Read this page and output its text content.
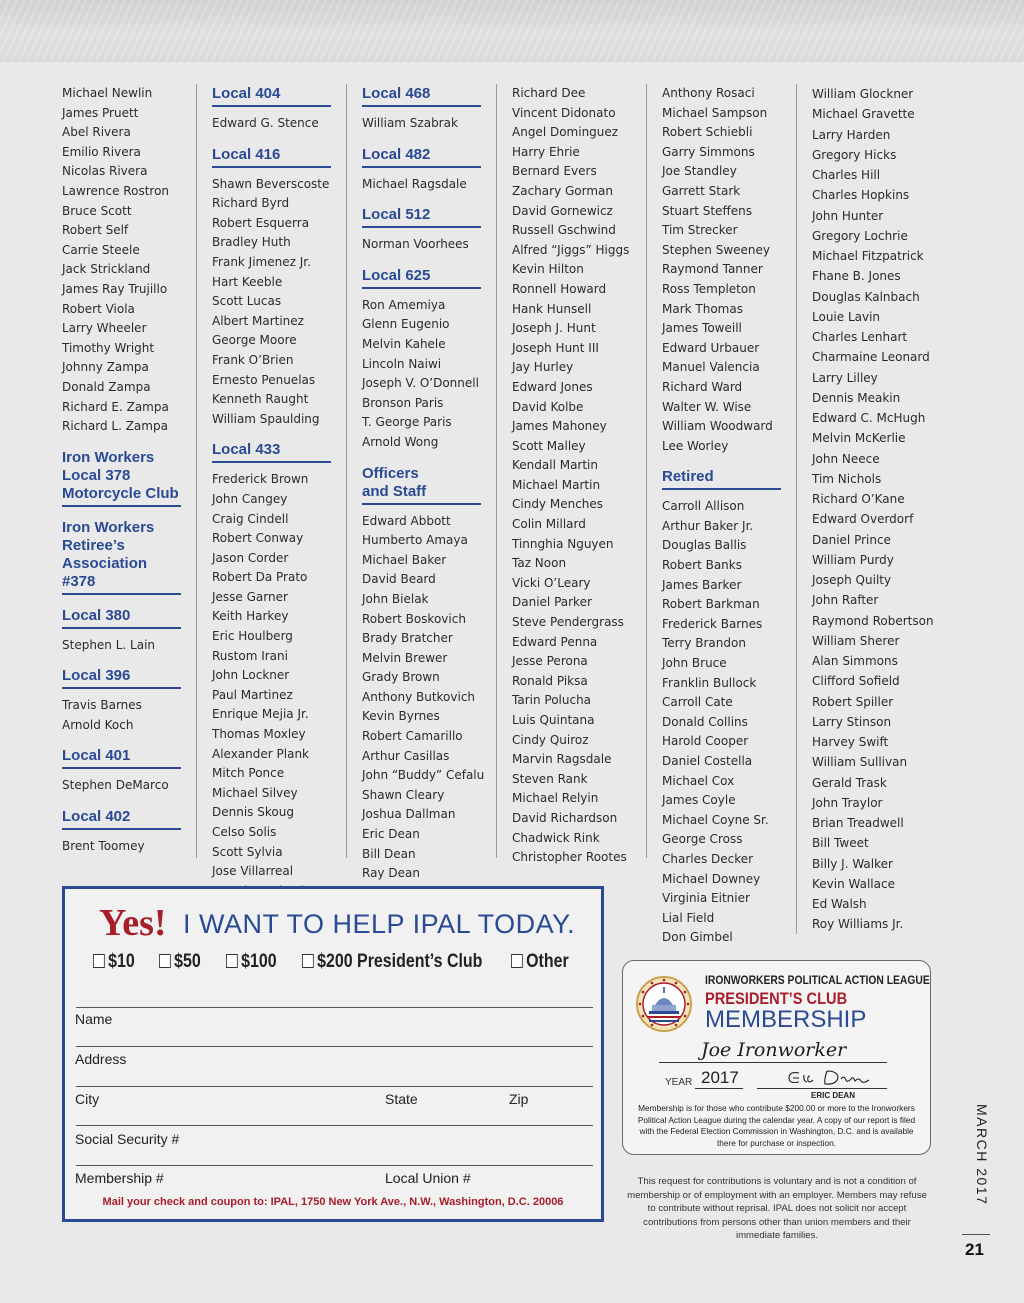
Michael Newlin
James Pruett
Abel Rivera
Emilio Rivera
Nicolas Rivera
Lawrence Rostron
Bruce Scott
Robert Self
Carrie Steele
Jack Strickland
James Ray Trujillo
Robert Viola
Larry Wheeler
Timothy Wright
Johnny Zampa
Donald Zampa
Richard E. Zampa
Richard L. Zampa
Iron Workers
Local 378
Motorcycle Club
Iron Workers
Retiree’s
Association
#378
Local 380
Stephen L. Lain
Local 396
Travis Barnes
Arnold Koch
Local 401
Stephen DeMarco
Local 402
Brent Toomey
Local 404
Edward G. Stence
Local 416
Shawn Beverscoste
Richard Byrd
Robert Esquerra
Bradley Huth
Frank Jimenez Jr.
Hart Keeble
Scott Lucas
Albert Martinez
George Moore
Frank O’Brien
Ernesto Penuelas
Kenneth Raught
William Spaulding
Local 433
Frederick Brown
John Cangey
Craig Cindell
Robert Conway
Jason Corder
Robert Da Prato
Jesse Garner
Keith Harkey
Eric Houlberg
Rustom Irani
John Lockner
Paul Martinez
Enrique Mejia Jr.
Thomas Moxley
Alexander Plank
Mitch Ponce
Michael Silvey
Dennis Skoug
Celso Solis
Scott Sylvia
Jose Villarreal
Local 468
William Szabrak
Local 482
Michael Ragsdale
Local 512
Norman Voorhees
Local 625
Ron Amemiya
Glenn Eugenio
Melvin Kahele
Lincoln Naiwi
Joseph V. O’Donnell
Bronson Paris
T. George Paris
Arnold Wong
Officers
and Staff
Edward Abbott
Humberto Amaya
Michael Baker
David Beard
John Bielak
Robert Boskovich
Brady Bratcher
Melvin Brewer
Grady Brown
Anthony Butkovich
Kevin Byrnes
Robert Camarillo
Arthur Casillas
John “Buddy” Cefalu
Shawn Cleary
Joshua Dallman
Eric Dean
Bill Dean
Ray Dean
Richard Dee
Vincent Didonato
Angel Dominguez
Harry Ehrie
Bernard Evers
Zachary Gorman
David Gornewicz
Russell Gschwind
Alfred “Jiggs” Higgs
Kevin Hilton
Ronnell Howard
Hank Hunsell
Joseph J. Hunt
Joseph Hunt III
Jay Hurley
Edward Jones
David Kolbe
James Mahoney
Scott Malley
Kendall Martin
Michael Martin
Cindy Menches
Colin Millard
Tinnghia Nguyen
Taz Noon
Vicki O’Leary
Daniel Parker
Steve Pendergrass
Edward Penna
Jesse Perona
Ronald Piksa
Tarin Polucha
Luis Quintana
Cindy Quiroz
Marvin Ragsdale
Steven Rank
Michael Relyin
David Richardson
Chadwick Rink
Christopher Rootes
Anthony Rosaci
Michael Sampson
Robert Schiebli
Garry Simmons
Joe Standley
Garrett Stark
Stuart Steffens
Tim Strecker
Stephen Sweeney
Raymond Tanner
Ross Templeton
Mark Thomas
James Toweill
Edward Urbauer
Manuel Valencia
Richard Ward
Walter W. Wise
William Woodward
Lee Worley
Retired
Carroll Allison
Arthur Baker Jr.
Douglas Ballis
Robert Banks
James Barker
Robert Barkman
Frederick Barnes
Terry Brandon
John Bruce
Franklin Bullock
Carroll Cate
Donald Collins
Harold Cooper
Daniel Costella
Michael Cox
James Coyle
Michael Coyne Sr.
George Cross
Charles Decker
Michael Downey
Virginia Eitnier
Lial Field
Don Gimbel
William Glockner
Michael Gravette
Larry Harden
Gregory Hicks
Charles Hill
Charles Hopkins
John Hunter
Gregory Lochrie
Michael Fitzpatrick
Fhane B. Jones
Douglas Kalnbach
Louie Lavin
Charles Lenhart
Charmaine Leonard
Larry Lilley
Dennis Meakin
Edward C. McHugh
Melvin McKerlie
John Neece
Tim Nichols
Richard O’Kane
Edward Overdorf
Daniel Prince
William Purdy
Joseph Quilty
John Rafter
Raymond Robertson
William Sherer
Alan Simmons
Clifford Sofield
Robert Spiller
Larry Stinson
Harvey Swift
William Sullivan
Gerald Trask
John Traylor
Brian Treadwell
Bill Tweet
Billy J. Walker
Kevin Wallace
Ed Walsh
Roy Williams Jr.
Yes! I WANT TO HELP IPAL TODAY.
$10	$50	$100	$200 President’s Club	Other
Name
Address
City	State	Zip
Social Security #
Membership #	Local Union #
Mail your check and coupon to: IPAL, 1750 New York Ave., N.W., Washington, D.C. 20006
IRONWORKERS POLITICAL ACTION LEAGUE
PRESIDENT’S CLUB
MEMBERSHIP
Joe Ironworker
YEAR 2017
ERIC DEAN
Membership is for those who contribute $200.00 or more to the Ironworkers Political Action League during the calendar year. A copy of our report is filed with the Federal Election Commission in Washington, D.C. and is available there for purchase or inspection.
This request for contributions is voluntary and is not a condition of membership or of employment with an employer. Members may refuse to contribute without reprisal. IPAL does not solicit nor accept contributions from persons other than union members and their immediate families.
MARCH 2017
21
